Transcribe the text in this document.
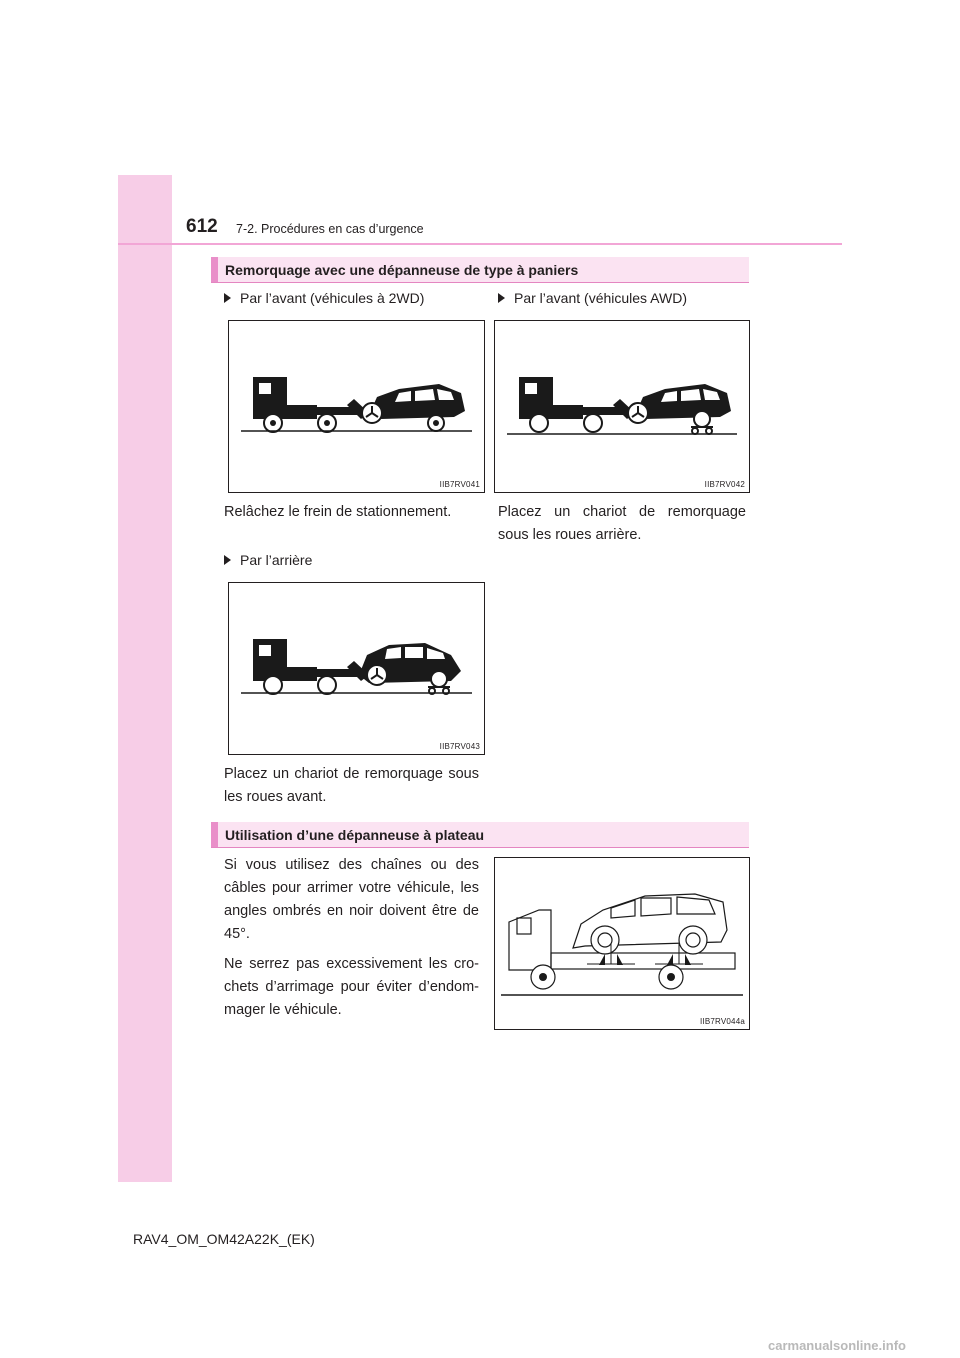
612 7-2. Procédures en cas d’urgence
Remorquage avec une dépanneuse de type à paniers
Par l’avant (véhicules à 2WD)	Par l’avant (véhicules AWD)
IIB7RV041	IIB7RV042
Relâchez le frein de stationnement.	Placez un chariot de remorquage sous les roues arrière.
Par l’arrière
IIB7RV043
Placez un chariot de remorquage sous les roues avant.
Utilisation d’une dépanneuse à plateau

Si vous utilisez des chaînes ou des câbles pour arrimer votre véhicule, les angles ombrés en noir doivent être de 45°.

Ne serrez pas excessivement les crochets d’arrimage pour éviter d’endommager le véhicule.

IIB7RV044a
RAV4_OM_OM42A22K_(EK)
carmanualsonline.info
